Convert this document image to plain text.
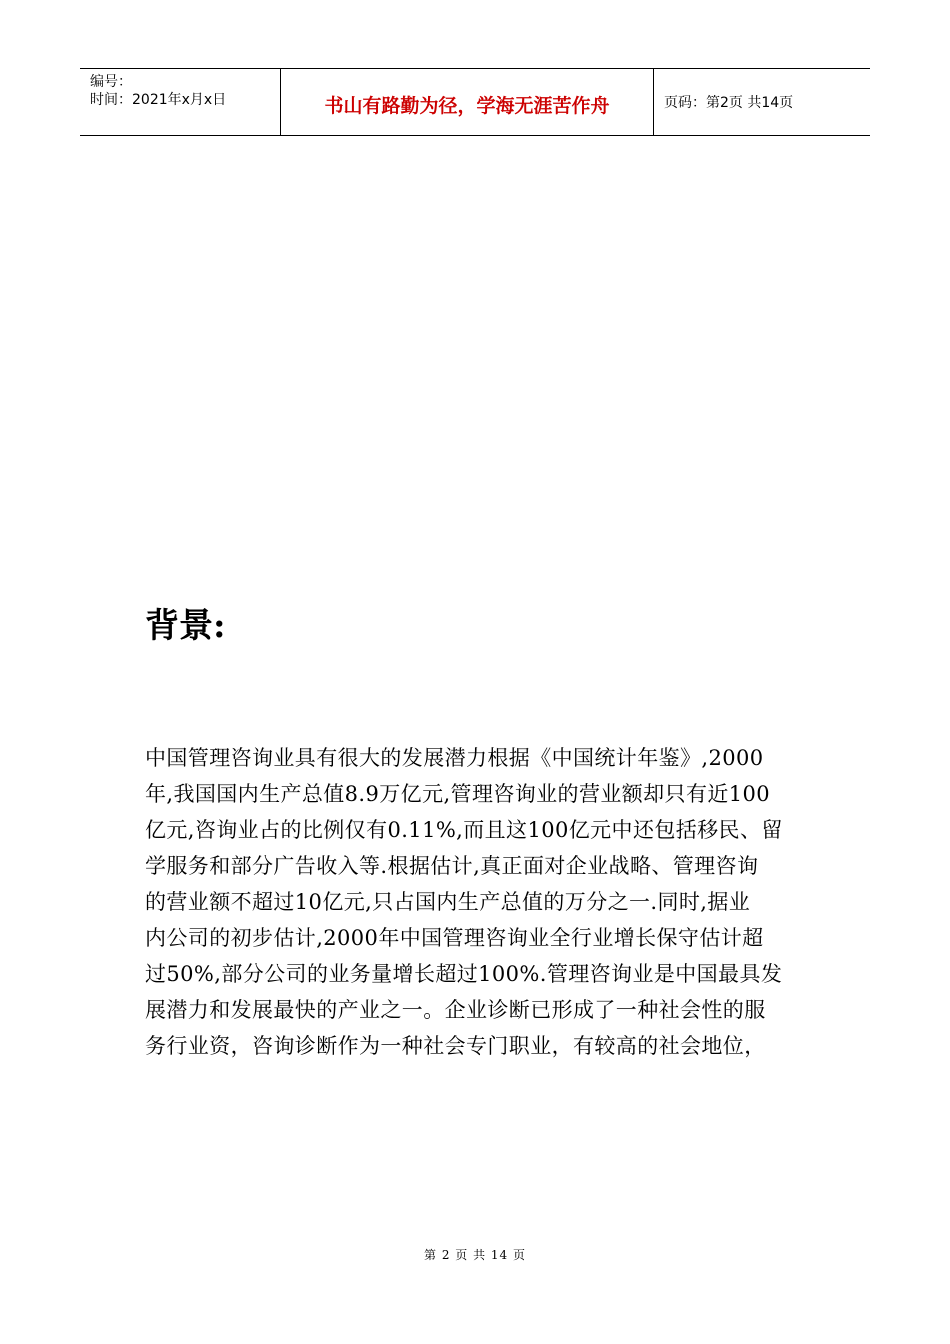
编号：
时间：2021年x月x日	书山有路勤为径，学海无涯苦作舟	页码：第2页 共14页
背景:
中国管理咨询业具有很大的发展潜力根据《中国统计年鉴》,2000
年,我国国内生产总值8.9万亿元,管理咨询业的营业额却只有近100
亿元,咨询业占的比例仅有0.11%,而且这100亿元中还包括移民、留
学服务和部分广告收入等.根据估计,真正面对企业战略、管理咨询
的营业额不超过10亿元,只占国内生产总值的万分之一.同时,据业
内公司的初步估计,2000年中国管理咨询业全行业增长保守估计超
过50%,部分公司的业务量增长超过100%.管理咨询业是中国最具发
展潜力和发展最快的产业之一。企业诊断已形成了一种社会性的服
务行业资，咨询诊断作为一种社会专门职业，有较高的社会地位，
第 2 页 共 14 页
